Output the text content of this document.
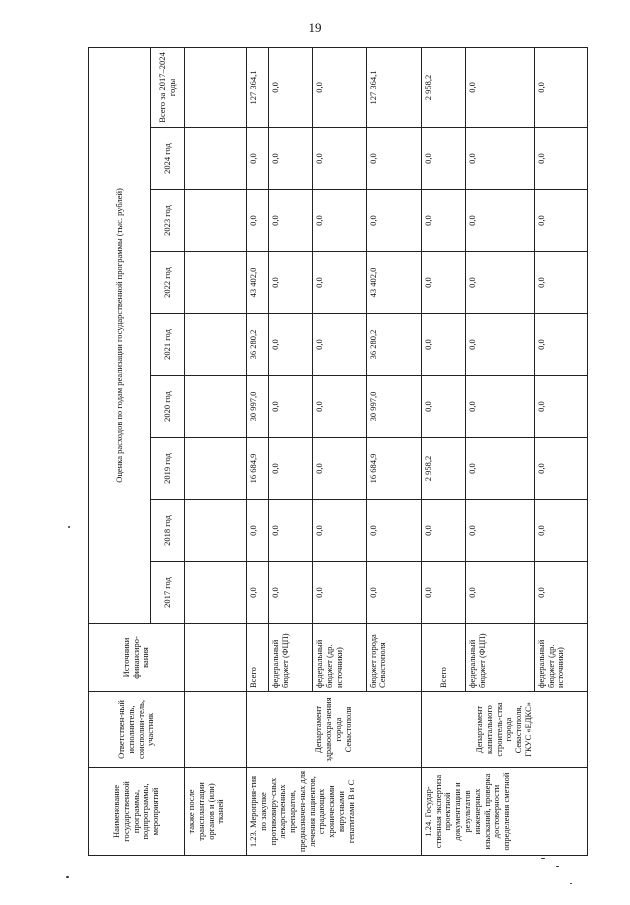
19
Наименование государственной программы, подпрограммы, мероприятий	Ответствен-ный исполнитель, соисполни-тель, участник	Источники финансиро-вания	Оценка расходов по годам реализации государственной программы (тыс. рублей)								
			2017 год	2018 год	2019 год	2020 год	2021 год	2022 год	2023 год	2024 год	Всего за 2017–2024 годы
также после трансплантации органов и (или) тканей											
1.23. Мероприя-тия по закупке противовиру-сных лекарственных препаратов, предназначен-ных для лечения пациентов, страдающих хроническими вирусными гепатитами В и С	Департамент здравоохра-нения города Севастополя	Всего	0,0	0,0	16 684,9	30 997,0	36 280,2	43 402,0	0,0	0,0	127 364,1
		федеральный бюджет (ФЦП)	0,0	0,0	0,0	0,0	0,0	0,0	0,0	0,0	0,0
		федеральный бюджет (др. источники)	0,0	0,0	0,0	0,0	0,0	0,0	0,0	0,0	0,0
		бюджет города Севастополя	0,0	0,0	16 684,9	30 997,0	36 280,2	43 402,0	0,0	0,0	127 364,1
1.24. Государ-ственная экспертиза проектной документации и результатов инженерных изысканий, проверка достоверности определения сметной	Департамент капитального строитель-ства города Севастополя, ГКУС «ЕДКС»	Всего	0,0	0,0	2 958,2	0,0	0,0	0,0	0,0	0,0	2 958,2
		федеральный бюджет (ФЦП)	0,0	0,0	0,0	0,0	0,0	0,0	0,0	0,0	0,0
		федеральный бюджет (др. источники)	0,0	0,0	0,0	0,0	0,0	0,0	0,0	0,0	0,0
